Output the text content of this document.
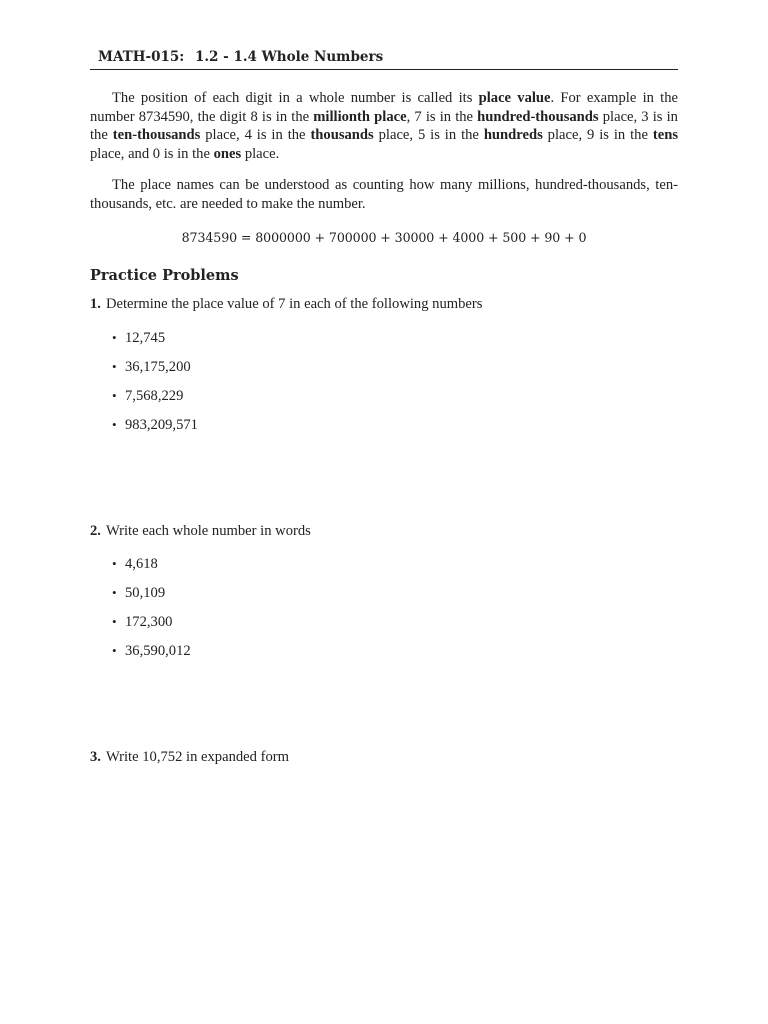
MATH-015: 1.2 - 1.4 Whole Numbers
The position of each digit in a whole number is called its place value. For example in the number 8734590, the digit 8 is in the millionth place, 7 is in the hundred-thousands place, 3 is in the ten-thousands place, 4 is in the thousands place, 5 is in the hundreds place, 9 is in the tens place, and 0 is in the ones place.
The place names can be understood as counting how many millions, hundred-thousands, ten-thousands, etc. are needed to make the number.
8734590 = 8000000 + 700000 + 30000 + 4000 + 500 + 90 + 0
Practice Problems
1. Determine the place value of 7 in each of the following numbers
• 12,745
• 36,175,200
• 7,568,229
• 983,209,571
2. Write each whole number in words
• 4,618
• 50,109
• 172,300
• 36,590,012
3. Write 10,752 in expanded form
